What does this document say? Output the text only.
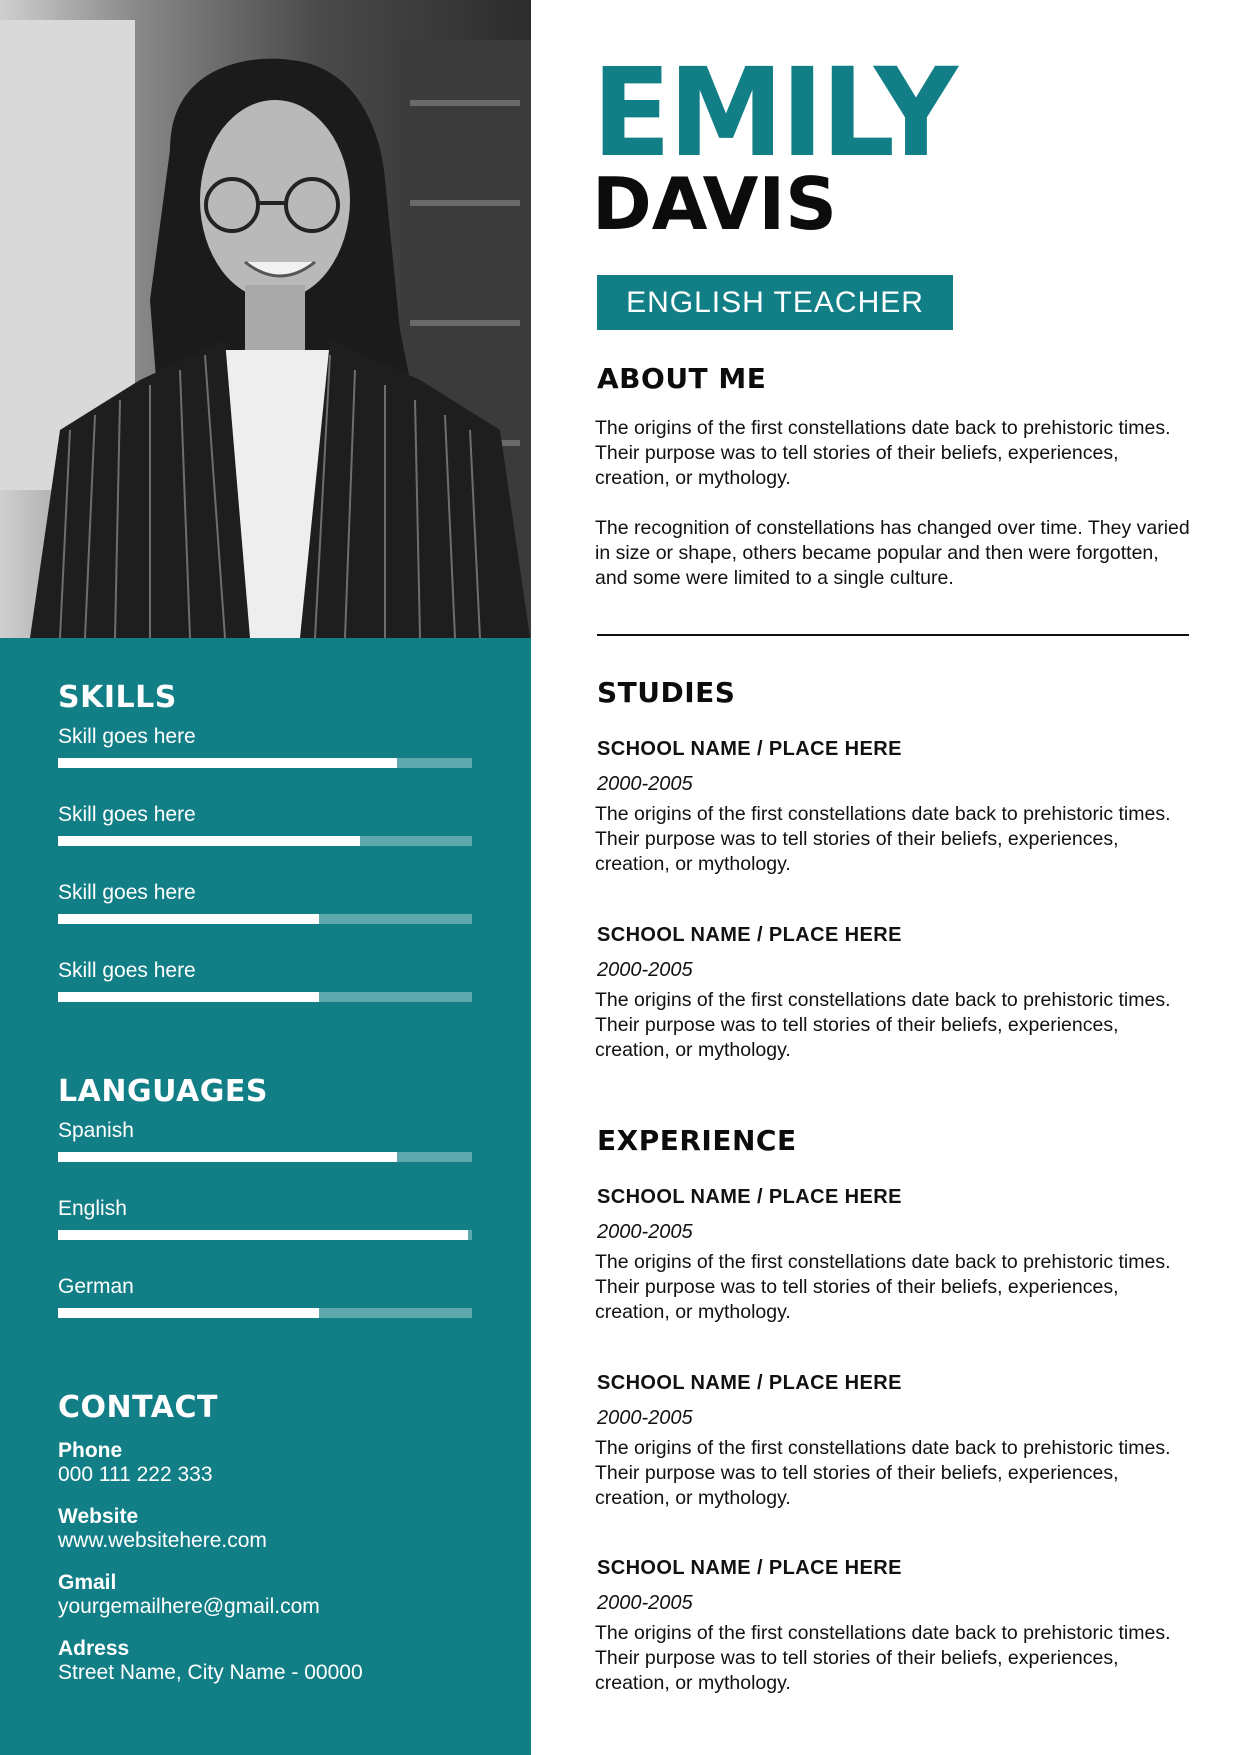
SKILLS
Skill goes here
Skill goes here
Skill goes here
Skill goes here
LANGUAGES
Spanish
English
German
CONTACT
Phone
000 111 222 333
Website
www.websitehere.com
Gmail
yourgemailhere@gmail.com
Adress
Street Name, City Name - 00000
EMILY
DAVIS
ENGLISH TEACHER
ABOUT ME
The origins of the first constellations date back to prehistoric times. Their purpose was to tell stories of their beliefs, experiences, creation, or mythology.
The recognition of constellations has changed over time. They varied in size or shape, others became popular and then were forgotten, and some were limited to a single culture.
STUDIES
SCHOOL NAME / PLACE HERE
2000-2005
The origins of the first constellations date back to prehistoric times. Their purpose was to tell stories of their beliefs, experiences, creation, or mythology.
SCHOOL NAME / PLACE HERE
2000-2005
The origins of the first constellations date back to prehistoric times. Their purpose was to tell stories of their beliefs, experiences, creation, or mythology.
EXPERIENCE
SCHOOL NAME / PLACE HERE
2000-2005
The origins of the first constellations date back to prehistoric times. Their purpose was to tell stories of their beliefs, experiences, creation, or mythology.
SCHOOL NAME / PLACE HERE
2000-2005
The origins of the first constellations date back to prehistoric times. Their purpose was to tell stories of their beliefs, experiences, creation, or mythology.
SCHOOL NAME / PLACE HERE
2000-2005
The origins of the first constellations date back to prehistoric times. Their purpose was to tell stories of their beliefs, experiences, creation, or mythology.
